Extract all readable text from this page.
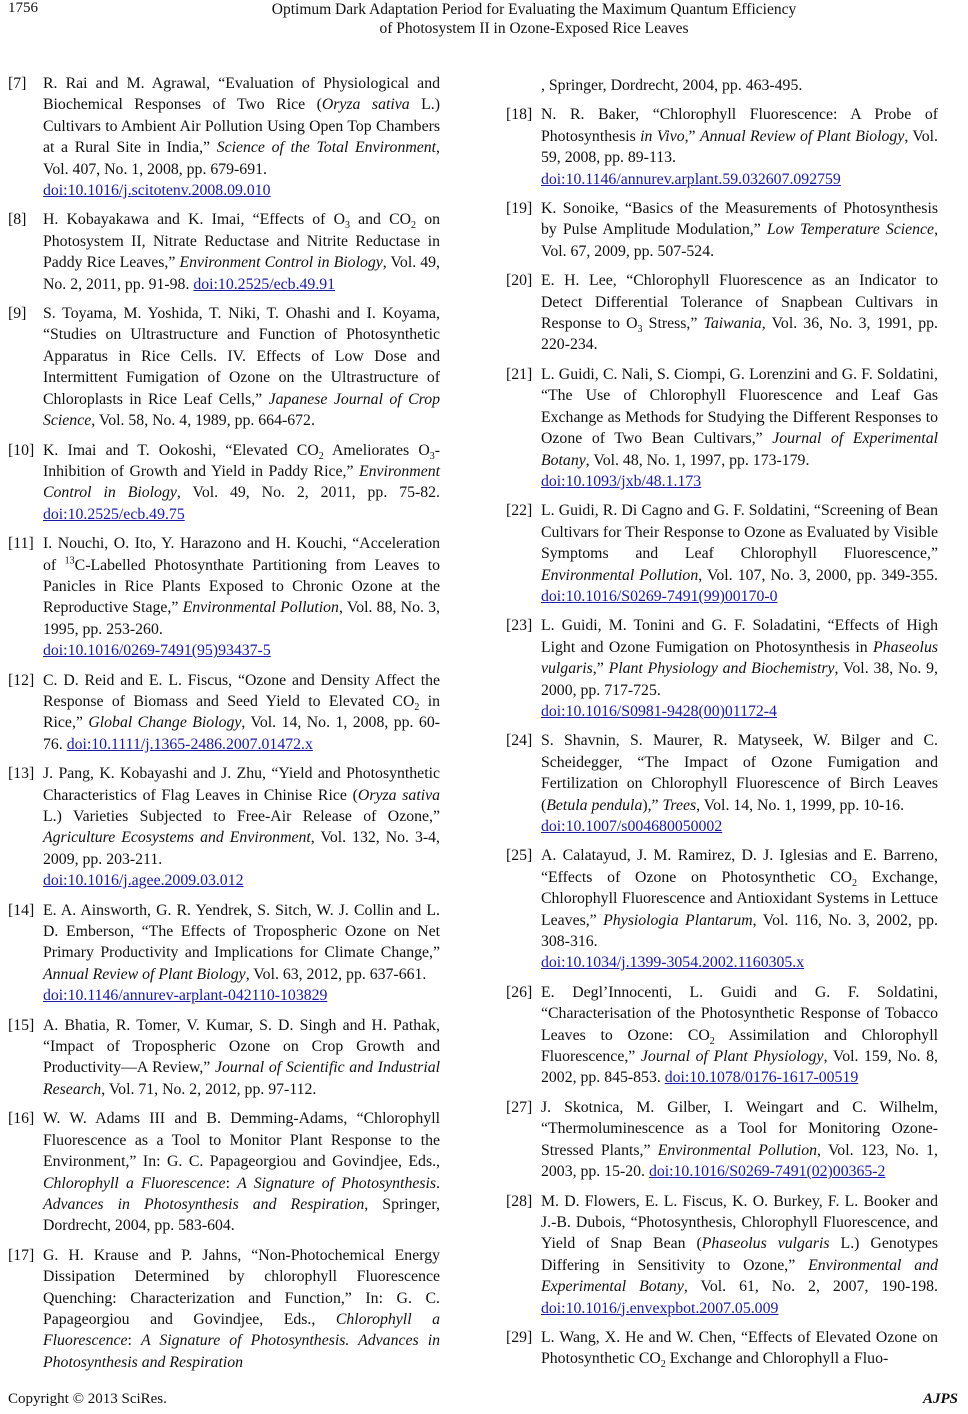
1756	Optimum Dark Adaptation Period for Evaluating the Maximum Quantum Efficiency
of Photosystem II in Ozone-Exposed Rice Leaves
[7]	R. Rai and M. Agrawal, “Evaluation of Physiological and Biochemical Responses of Two Rice (Oryza sativa L.) Cultivars to Ambient Air Pollution Using Open Top Chambers at a Rural Site in India,” Science of the Total Environment, Vol. 407, No. 1, 2008, pp. 679-691.
doi:10.1016/j.scitotenv.2008.09.010
[8]	H. Kobayakawa and K. Imai, “Effects of $O_3$ and $CO_2$ on Photosystem II, Nitrate Reductase and Nitrite Reductase in Paddy Rice Leaves,” Environment Control in Biology, Vol. 49, No. 2, 2011, pp. 91-98. doi:10.2525/ecb.49.91
[9]	S. Toyama, M. Yoshida, T. Niki, T. Ohashi and I. Koyama, “Studies on Ultrastructure and Function of Photosynthetic Apparatus in Rice Cells. IV. Effects of Low Dose and Intermittent Fumigation of Ozone on the Ultrastructure of Chloroplasts in Rice Leaf Cells,” Japanese Journal of Crop Science, Vol. 58, No. 4, 1989, pp. 664-672.
[10] K. Imai and T. Ookoshi, “Elevated $CO_2$ Ameliorates $O_3$-Inhibition of Growth and Yield in Paddy Rice,” Environment Control in Biology, Vol. 49, No. 2, 2011, pp. 75-82. doi:10.2525/ecb.49.75
[11] I. Nouchi, O. Ito, Y. Harazono and H. Kouchi, “Acceleration of $^{13}$C-Labelled Photosynthate Partitioning from Leaves to Panicles in Rice Plants Exposed to Chronic Ozone at the Reproductive Stage,” Environmental Pollution, Vol. 88, No. 3, 1995, pp. 253-260.
doi:10.1016/0269-7491(95)93437-5
[12] C. D. Reid and E. L. Fiscus, “Ozone and Density Affect the Response of Biomass and Seed Yield to Elevated $CO_2$ in Rice,” Global Change Biology, Vol. 14, No. 1, 2008, pp. 60-76. doi:10.1111/j.1365-2486.2007.01472.x
[13] J. Pang, K. Kobayashi and J. Zhu, “Yield and Photosynthetic Characteristics of Flag Leaves in Chinise Rice (Oryza sativa L.) Varieties Subjected to Free-Air Release of Ozone,” Agriculture Ecosystems and Environment, Vol. 132, No. 3-4, 2009, pp. 203-211.
doi:10.1016/j.agee.2009.03.012
[14] E. A. Ainsworth, G. R. Yendrek, S. Sitch, W. J. Collin and L. D. Emberson, “The Effects of Tropospheric Ozone on Net Primary Productivity and Implications for Climate Change,” Annual Review of Plant Biology, Vol. 63, 2012, pp. 637-661.
doi:10.1146/annurev-arplant-042110-103829
[15] A. Bhatia, R. Tomer, V. Kumar, S. D. Singh and H. Pathak, “Impact of Tropospheric Ozone on Crop Growth and Productivity—A Review,” Journal of Scientific and Industrial Research, Vol. 71, No. 2, 2012, pp. 97-112.
[16] W. W. Adams III and B. Demming-Adams, “Chlorophyll Fluorescence as a Tool to Monitor Plant Response to the Environment,” In: G. C. Papageorgiou and Govindjee, Eds., Chlorophyll a Fluorescence: A Signature of Photosynthesis. Advances in Photosynthesis and Respiration, Springer, Dordrecht, 2004, pp. 583-604.
[17] G. H. Krause and P. Jahns, “Non-Photochemical Energy Dissipation Determined by chlorophyll Fluorescence Quenching: Characterization and Function,” In: G. C. Papageorgiou and Govindjee, Eds., Chlorophyll a Fluorescence: A Signature of Photosynthesis. Advances in Photosynthesis and Respiration
, Springer, Dordrecht, 2004, pp. 463-495.
[18] N. R. Baker, “Chlorophyll Fluorescence: A Probe of Photosynthesis in Vivo,” Annual Review of Plant Biology, Vol. 59, 2008, pp. 89-113.
doi:10.1146/annurev.arplant.59.032607.092759
[19] K. Sonoike, “Basics of the Measurements of Photosynthesis by Pulse Amplitude Modulation,” Low Temperature Science, Vol. 67, 2009, pp. 507-524.
[20] E. H. Lee, “Chlorophyll Fluorescence as an Indicator to Detect Differential Tolerance of Snapbean Cultivars in Response to $O_3$ Stress,” Taiwania, Vol. 36, No. 3, 1991, pp. 220-234.
[21] L. Guidi, C. Nali, S. Ciompi, G. Lorenzini and G. F. Soldatini, “The Use of Chlorophyll Fluorescence and Leaf Gas Exchange as Methods for Studying the Different Responses to Ozone of Two Bean Cultivars,” Journal of Experimental Botany, Vol. 48, No. 1, 1997, pp. 173-179.
doi:10.1093/jxb/48.1.173
[22] L. Guidi, R. Di Cagno and G. F. Soldatini, “Screening of Bean Cultivars for Their Response to Ozone as Evaluated by Visible Symptoms and Leaf Chlorophyll Fluorescence,” Environmental Pollution, Vol. 107, No. 3, 2000, pp. 349-355. doi:10.1016/S0269-7491(99)00170-0
[23] L. Guidi, M. Tonini and G. F. Soladatini, “Effects of High Light and Ozone Fumigation on Photosynthesis in Phaseolus vulgaris,” Plant Physiology and Biochemistry, Vol. 38, No. 9, 2000, pp. 717-725.
doi:10.1016/S0981-9428(00)01172-4
[24] S. Shavnin, S. Maurer, R. Matyseek, W. Bilger and C. Scheidegger, “The Impact of Ozone Fumigation and Fertilization on Chlorophyll Fluorescence of Birch Leaves (Betula pendula),” Trees, Vol. 14, No. 1, 1999, pp. 10-16.
doi:10.1007/s004680050002
[25] A. Calatayud, J. M. Ramirez, D. J. Iglesias and E. Barreno, “Effects of Ozone on Photosynthetic $CO_2$ Exchange, Chlorophyll Fluorescence and Antioxidant Systems in Lettuce Leaves,” Physiologia Plantarum, Vol. 116, No. 3, 2002, pp. 308-316.
doi:10.1034/j.1399-3054.2002.1160305.x
[26] E. Degl’Innocenti, L. Guidi and G. F. Soldatini, “Characterisation of the Photosynthetic Response of Tobacco Leaves to Ozone: $CO_2$ Assimilation and Chlorophyll Fluorescence,” Journal of Plant Physiology, Vol. 159, No. 8, 2002, pp. 845-853. doi:10.1078/0176-1617-00519
[27] J. Skotnica, M. Gilber, I. Weingart and C. Wilhelm, “Thermoluminescence as a Tool for Monitoring Ozone-Stressed Plants,” Environmental Pollution, Vol. 123, No. 1, 2003, pp. 15-20. doi:10.1016/S0269-7491(02)00365-2
[28] M. D. Flowers, E. L. Fiscus, K. O. Burkey, F. L. Booker and J.-B. Dubois, “Photosynthesis, Chlorophyll Fluorescence, and Yield of Snap Bean (Phaseolus vulgaris L.) Genotypes Differing in Sensitivity to Ozone,” Environmental and Experimental Botany, Vol. 61, No. 2, 2007, 190-198. doi:10.1016/j.envexpbot.2007.05.009
[29] L. Wang, X. He and W. Chen, “Effects of Elevated Ozone on Photosynthetic $CO_2$ Exchange and Chlorophyll a Fluo-
Copyright © 2013 SciRes.	AJPS
